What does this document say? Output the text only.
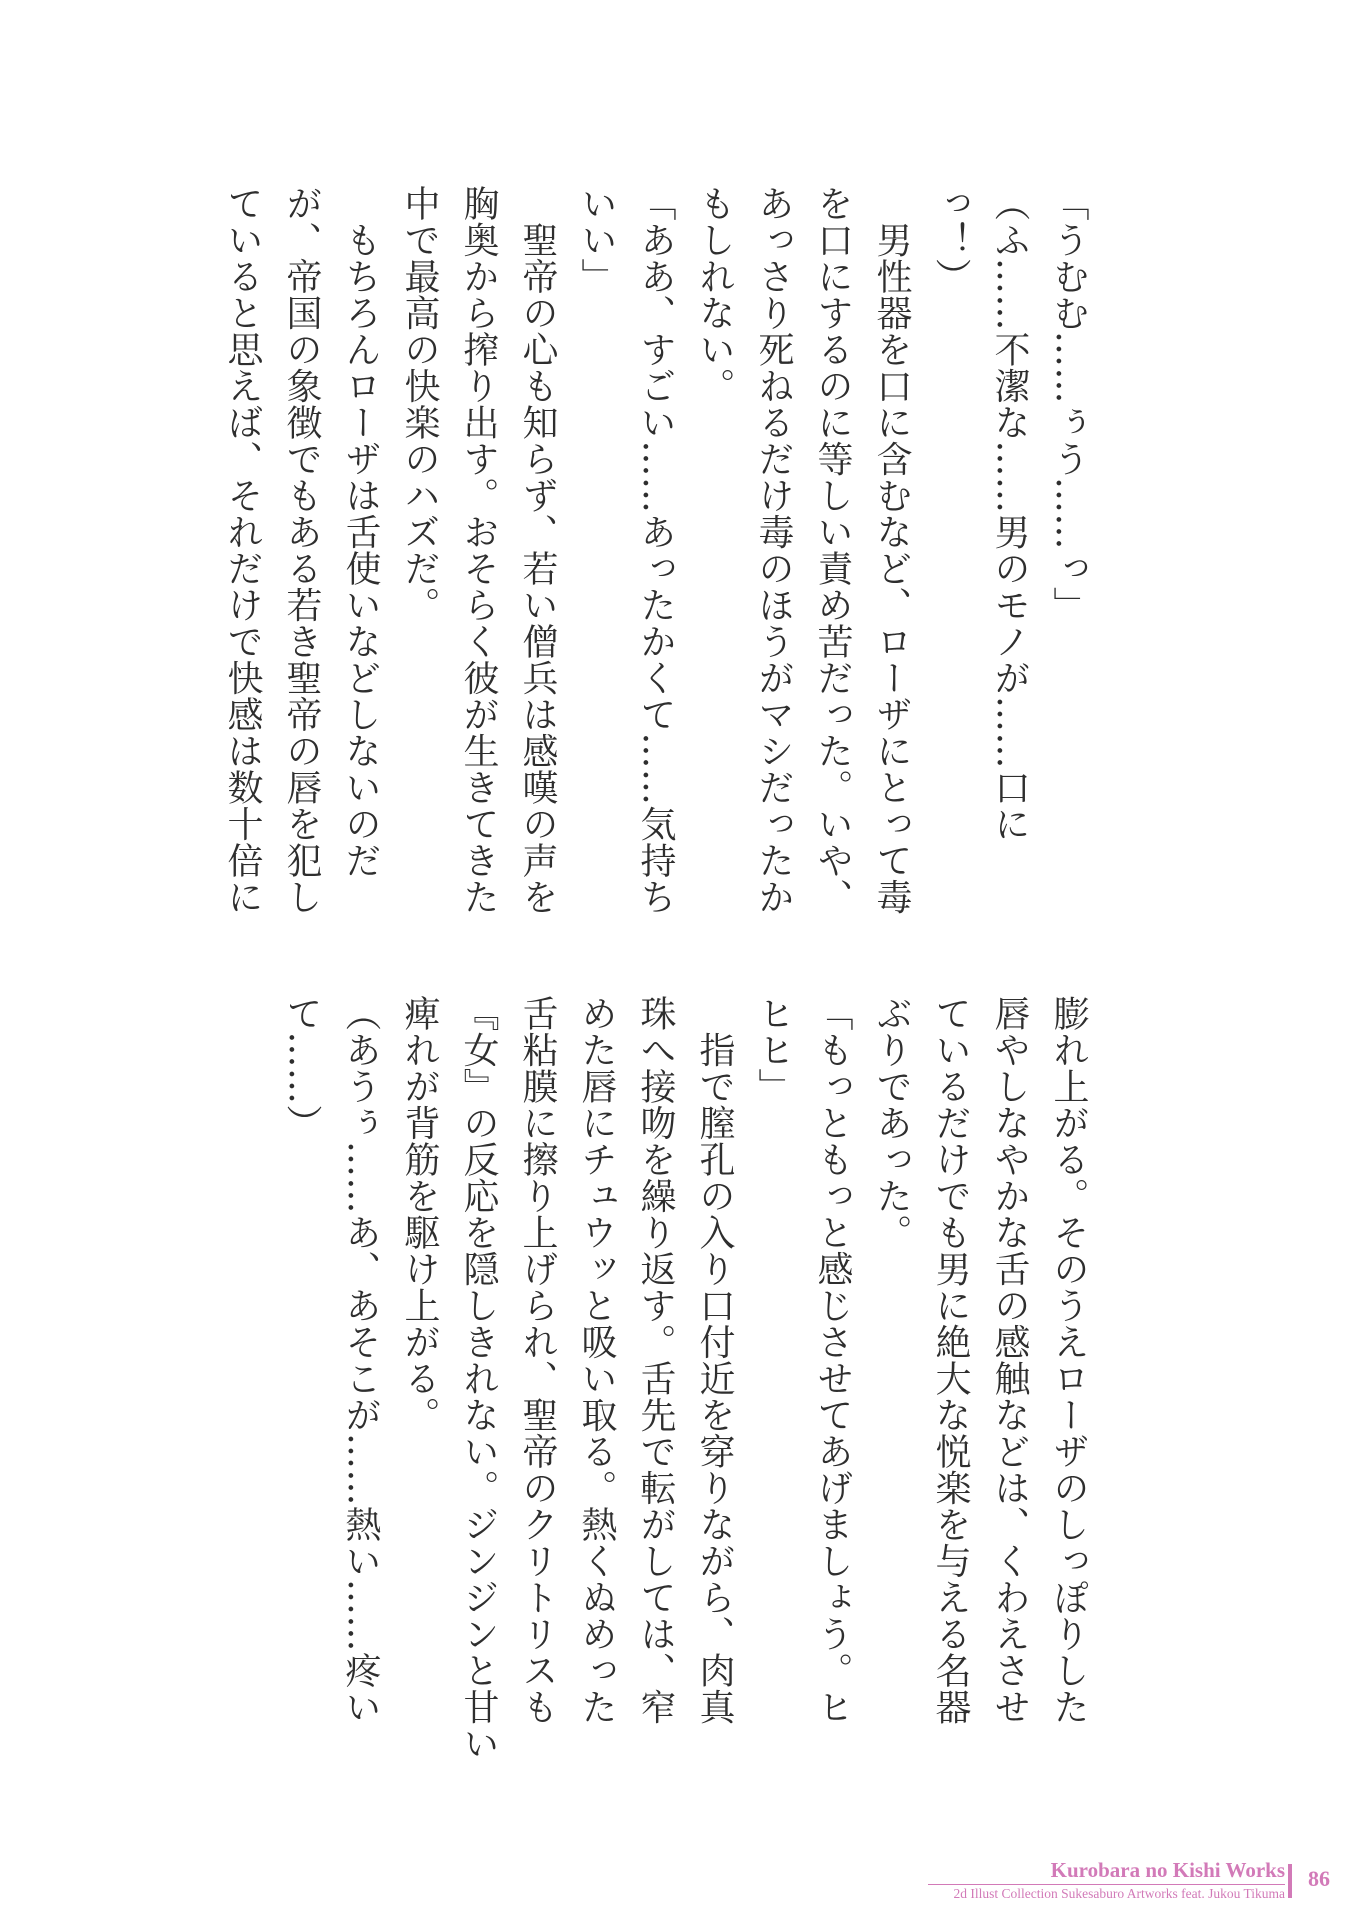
「うむむ……ぅう……っ」
（ふ……不潔な……男のモノが……口に
っ！）
　男性器を口に含むなど、ローザにとって毒
を口にするのに等しい責め苦だった。いや、
あっさり死ねるだけ毒のほうがマシだったか
もしれない。
「ああ、すごい……あったかくて……気持ち
いい」
　聖帝の心も知らず、若い僧兵は感嘆の声を
胸奥から搾り出す。おそらく彼が生きてきた
中で最高の快楽のハズだ。
　もちろんローザは舌使いなどしないのだ
が、帝国の象徴でもある若き聖帝の唇を犯し
ていると思えば、それだけで快感は数十倍に
膨れ上がる。そのうえローザのしっぽりした
唇やしなやかな舌の感触などは、くわえさせ
ているだけでも男に絶大な悦楽を与える名器
ぶりであった。
「もっともっと感じさせてあげましょう。ヒ
ヒヒ」
　指で膣孔の入り口付近を穿りながら、肉真
珠へ接吻を繰り返す。舌先で転がしては、窄
めた唇にチュウッと吸い取る。熱くぬめった
舌粘膜に擦り上げられ、聖帝のクリトリスも
『女』の反応を隠しきれない。ジンジンと甘い
痺れが背筋を駆け上がる。
（あうぅ……あ、あそこが……熱い……疼い
て……）
Kurobara no Kishi Works
2d Illust Collection Sukesaburo Artworks feat. Jukou Tikuma
86
